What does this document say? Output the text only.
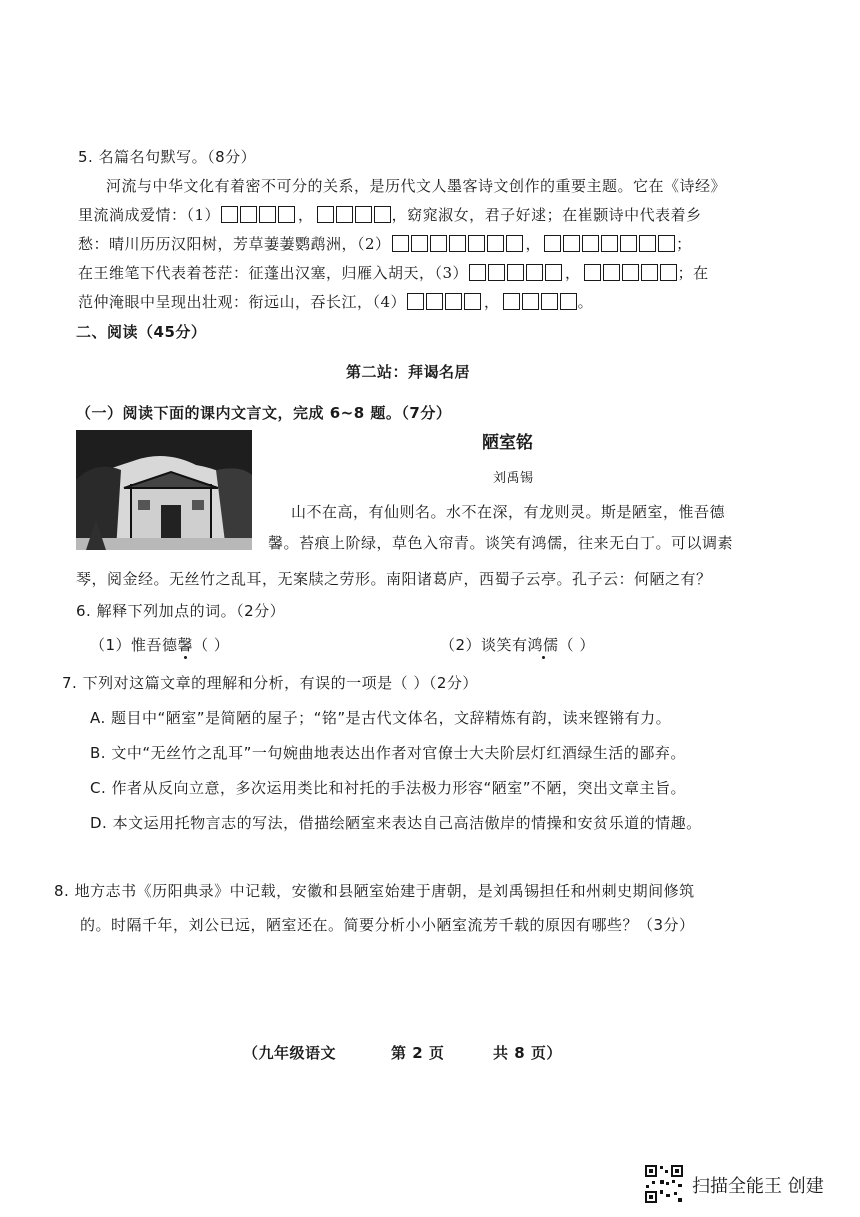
5. 名篇名句默写。（8分）
河流与中华文化有着密不可分的关系，是历代文人墨客诗文创作的重要主题。它在《诗经》
里流淌成爱情：（1）	，	，窈窕淑女，君子好逑；在崔颢诗中代表着乡
愁：晴川历历汉阳树，芳草萋萋鹦鹉洲，（2）	，	；
在王维笔下代表着苍茫：征蓬出汉塞，归雁入胡天，（3）	，	；在
范仲淹眼中呈现出壮观：衔远山，吞长江，（4）	，	。
二、阅读（45分）
第二站：拜谒名居
（一）阅读下面的课内文言文，完成 6~8 题。（7分）
陋室铭
刘禹锡
山不在高，有仙则名。水不在深，有龙则灵。斯是陋室，惟吾德
馨。苔痕上阶绿，草色入帘青。谈笑有鸿儒，往来无白丁。可以调素
琴，阅金经。无丝竹之乱耳，无案牍之劳形。南阳诸葛庐，西蜀子云亭。孔子云：何陋之有？
6. 解释下列加点的词。（2分）
（1）惟吾德馨（ ）	（2）谈笑有鸿儒（ ）
7. 下列对这篇文章的理解和分析，有误的一项是（ ）（2分）
A. 题目中“陋室”是简陋的屋子；“铭”是古代文体名，文辞精炼有韵，读来铿锵有力。
B. 文中“无丝竹之乱耳”一句婉曲地表达出作者对官僚士大夫阶层灯红酒绿生活的鄙弃。
C. 作者从反向立意，多次运用类比和衬托的手法极力形容“陋室”不陋，突出文章主旨。
D. 本文运用托物言志的写法，借描绘陋室来表达自己高洁傲岸的情操和安贫乐道的情趣。
8. 地方志书《历阳典录》中记载，安徽和县陋室始建于唐朝，是刘禹锡担任和州刺史期间修筑
的。时隔千年，刘公已远，陋室还在。简要分析小小陋室流芳千载的原因有哪些？（3分）
（九年级语文	第 2 页	共 8 页）
扫描全能王 创建
